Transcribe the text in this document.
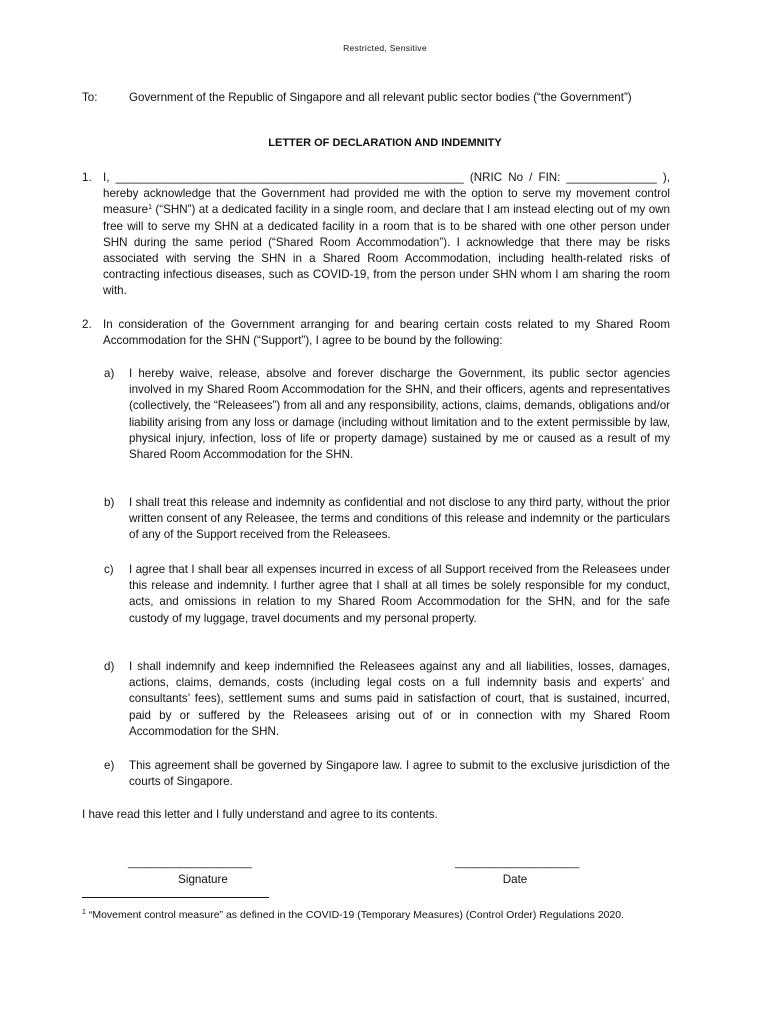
Restricted, Sensitive
To:	Government of the Republic of Singapore and all relevant public sector bodies (“the Government”)
LETTER OF DECLARATION AND INDEMNITY
1. I, ______________________________________________________ (NRIC No / FIN: ______________ ), hereby acknowledge that the Government had provided me with the option to serve my movement control measure$^1$ (“SHN”) at a dedicated facility in a single room, and declare that I am instead electing out of my own free will to serve my SHN at a dedicated facility in a room that is to be shared with one other person under SHN during the same period (“Shared Room Accommodation”). I acknowledge that there may be risks associated with serving the SHN in a Shared Room Accommodation, including health-related risks of contracting infectious diseases, such as COVID-19, from the person under SHN whom I am sharing the room with.
2. In consideration of the Government arranging for and bearing certain costs related to my Shared Room Accommodation for the SHN (“Support”), I agree to be bound by the following:
a) I hereby waive, release, absolve and forever discharge the Government, its public sector agencies involved in my Shared Room Accommodation for the SHN, and their officers, agents and representatives (collectively, the “Releasees”) from all and any responsibility, actions, claims, demands, obligations and/or liability arising from any loss or damage (including without limitation and to the extent permissible by law, physical injury, infection, loss of life or property damage) sustained by me or caused as a result of my Shared Room Accommodation for the SHN.
b) I shall treat this release and indemnity as confidential and not disclose to any third party, without the prior written consent of any Releasee, the terms and conditions of this release and indemnity or the particulars of any of the Support received from the Releasees.
c) I agree that I shall bear all expenses incurred in excess of all Support received from the Releasees under this release and indemnity. I further agree that I shall at all times be solely responsible for my conduct, acts, and omissions in relation to my Shared Room Accommodation for the SHN, and for the safe custody of my luggage, travel documents and my personal property.
d) I shall indemnify and keep indemnified the Releasees against any and all liabilities, losses, damages, actions, claims, demands, costs (including legal costs on a full indemnity basis and experts’ and consultants’ fees), settlement sums and sums paid in satisfaction of court, that is sustained, incurred, paid by or suffered by the Releasees arising out of or in connection with my Shared Room Accommodation for the SHN.
e) This agreement shall be governed by Singapore law. I agree to submit to the exclusive jurisdiction of the courts of Singapore.
I have read this letter and I fully understand and agree to its contents.
______________________
Signature
______________________
Date
$^1$ “Movement control measure” as defined in the COVID-19 (Temporary Measures) (Control Order) Regulations 2020.
